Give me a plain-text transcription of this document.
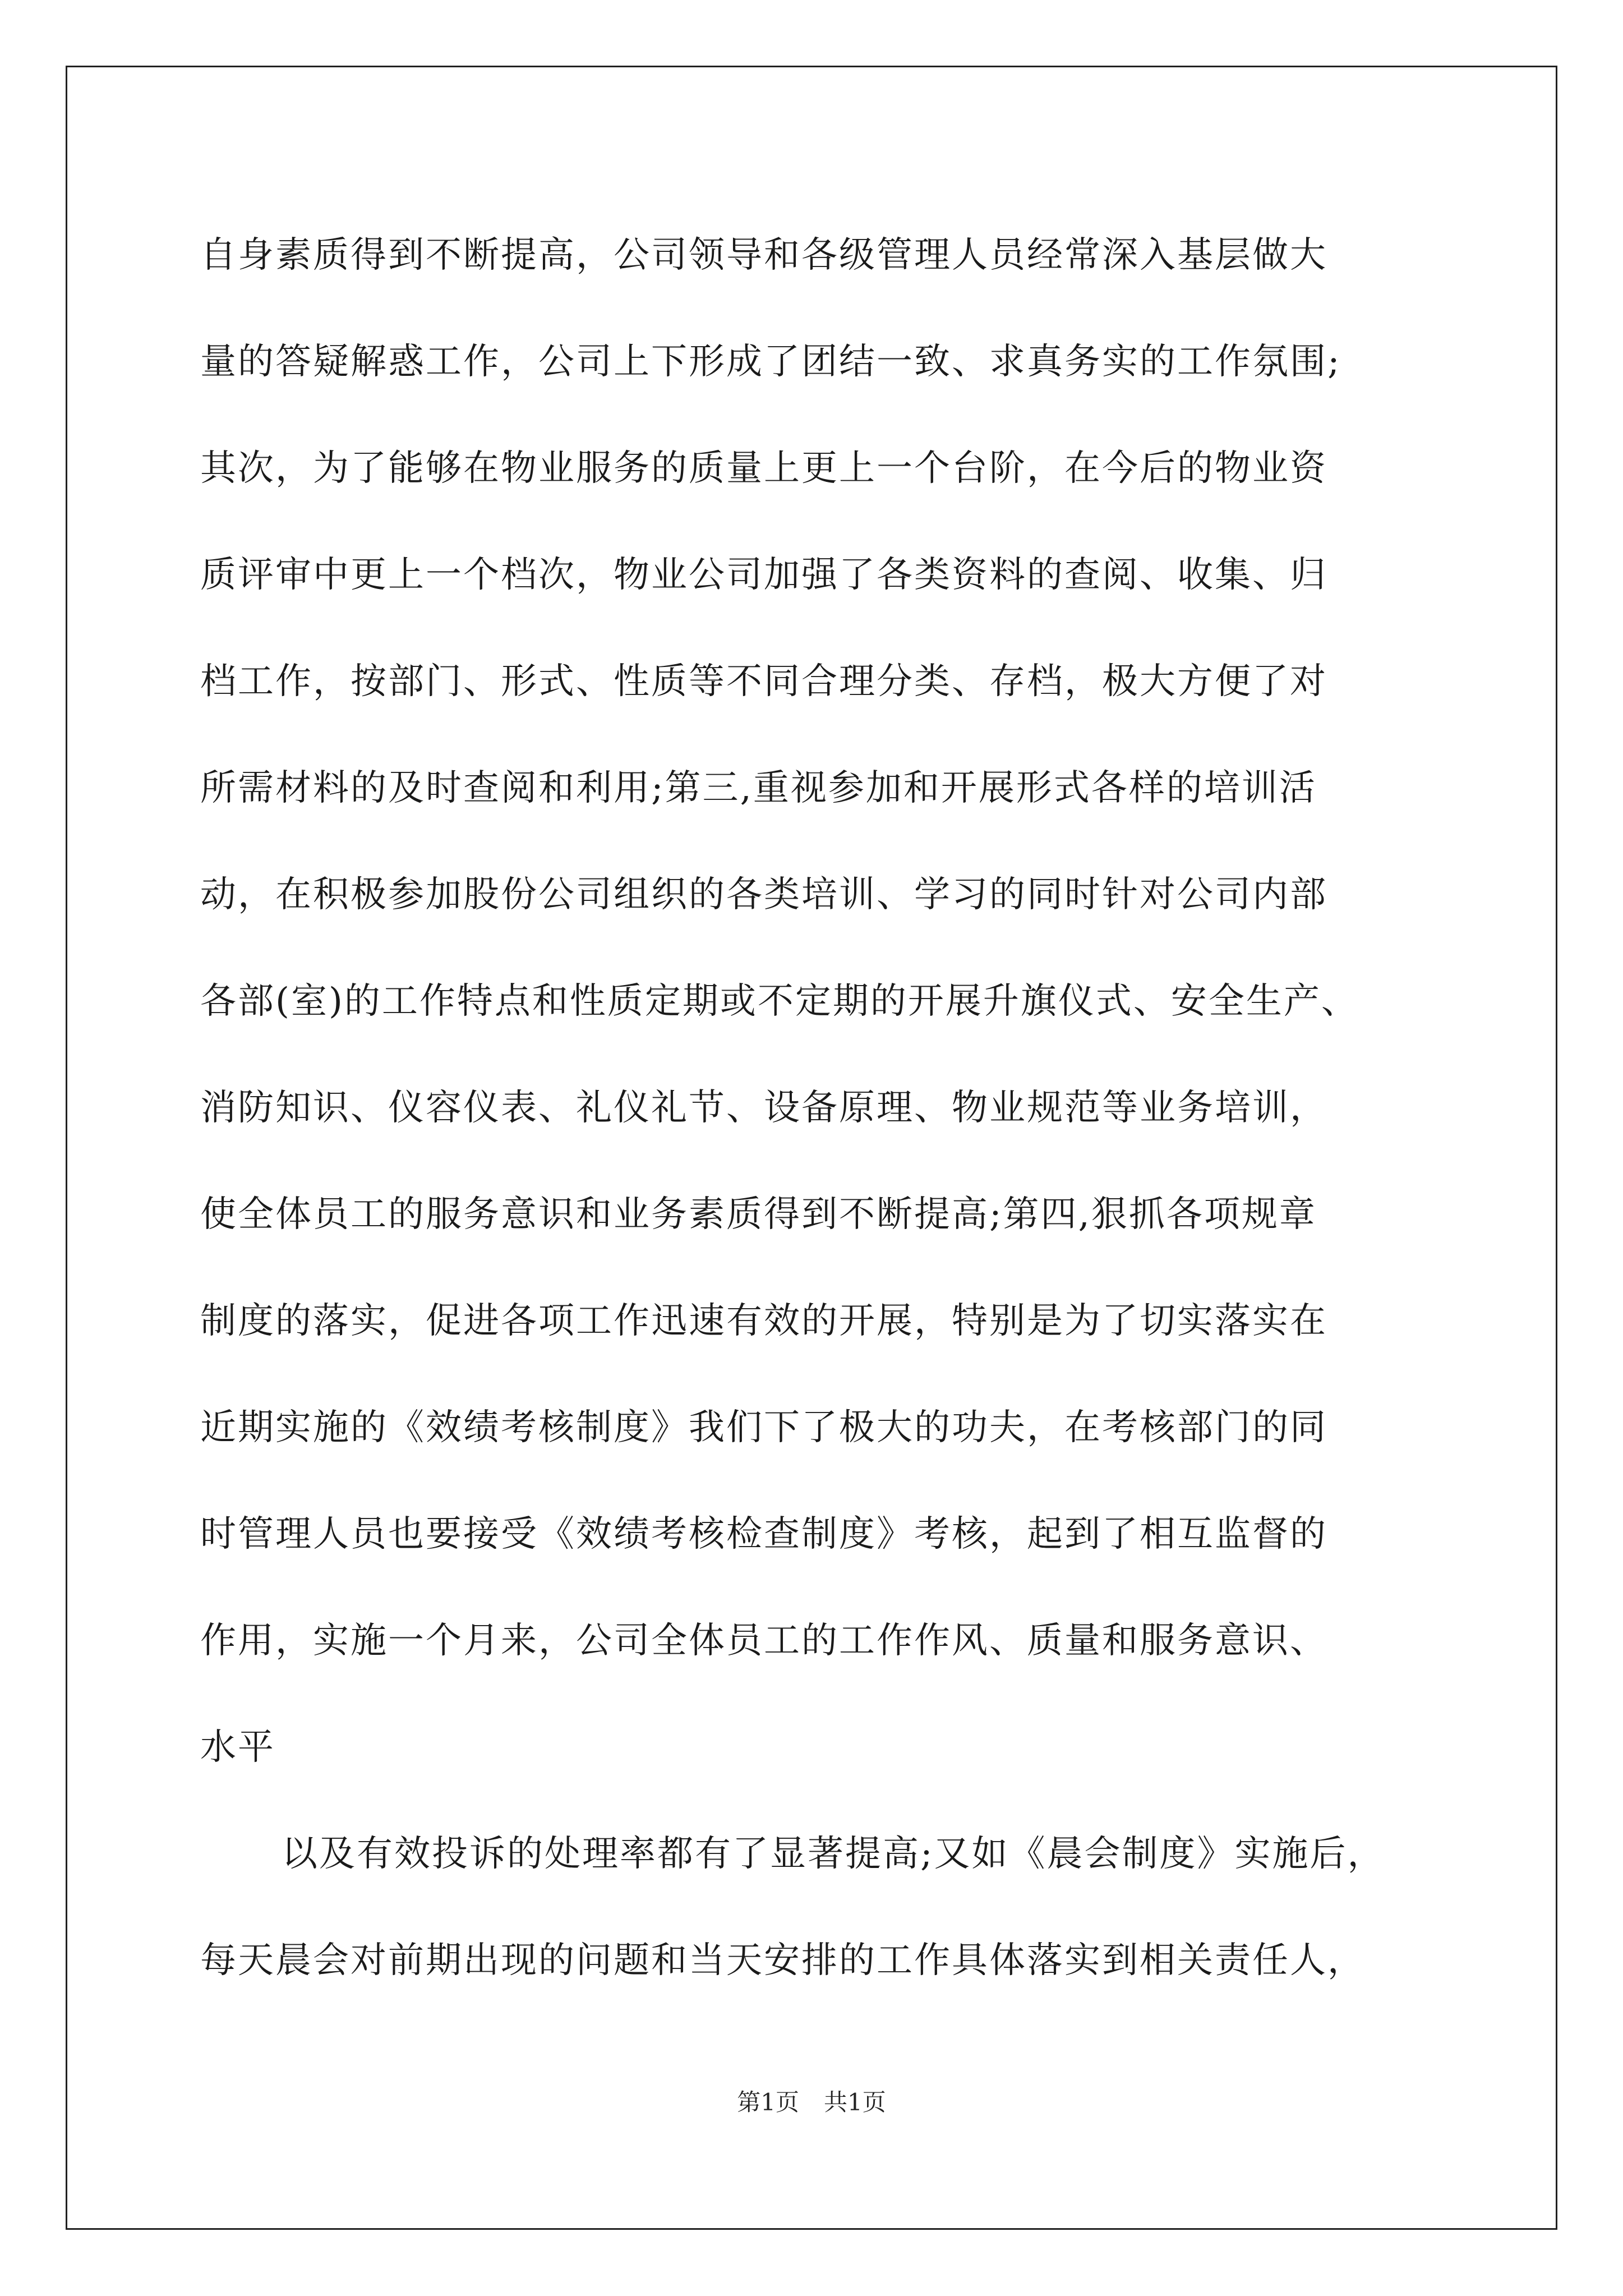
自身素质得到不断提高，公司领导和各级管理人员经常深入基层做大
量的答疑解惑工作，公司上下形成了团结一致、求真务实的工作氛围;
其次，为了能够在物业服务的质量上更上一个台阶，在今后的物业资
质评审中更上一个档次，物业公司加强了各类资料的查阅、收集、归
档工作，按部门、形式、性质等不同合理分类、存档，极大方便了对
所需材料的及时查阅和利用;第三,重视参加和开展形式各样的培训活
动，在积极参加股份公司组织的各类培训、学习的同时针对公司内部
各部(室)的工作特点和性质定期或不定期的开展升旗仪式、安全生产、
消防知识、仪容仪表、礼仪礼节、设备原理、物业规范等业务培训，
使全体员工的服务意识和业务素质得到不断提高;第四,狠抓各项规章
制度的落实，促进各项工作迅速有效的开展，特别是为了切实落实在
近期实施的《效绩考核制度》我们下了极大的功夫，在考核部门的同
时管理人员也要接受《效绩考核检查制度》考核，起到了相互监督的
作用，实施一个月来，公司全体员工的工作作风、质量和服务意识、
水平
以及有效投诉的处理率都有了显著提高;又如《晨会制度》实施后，
每天晨会对前期出现的问题和当天安排的工作具体落实到相关责任人，
第1页 共1页
